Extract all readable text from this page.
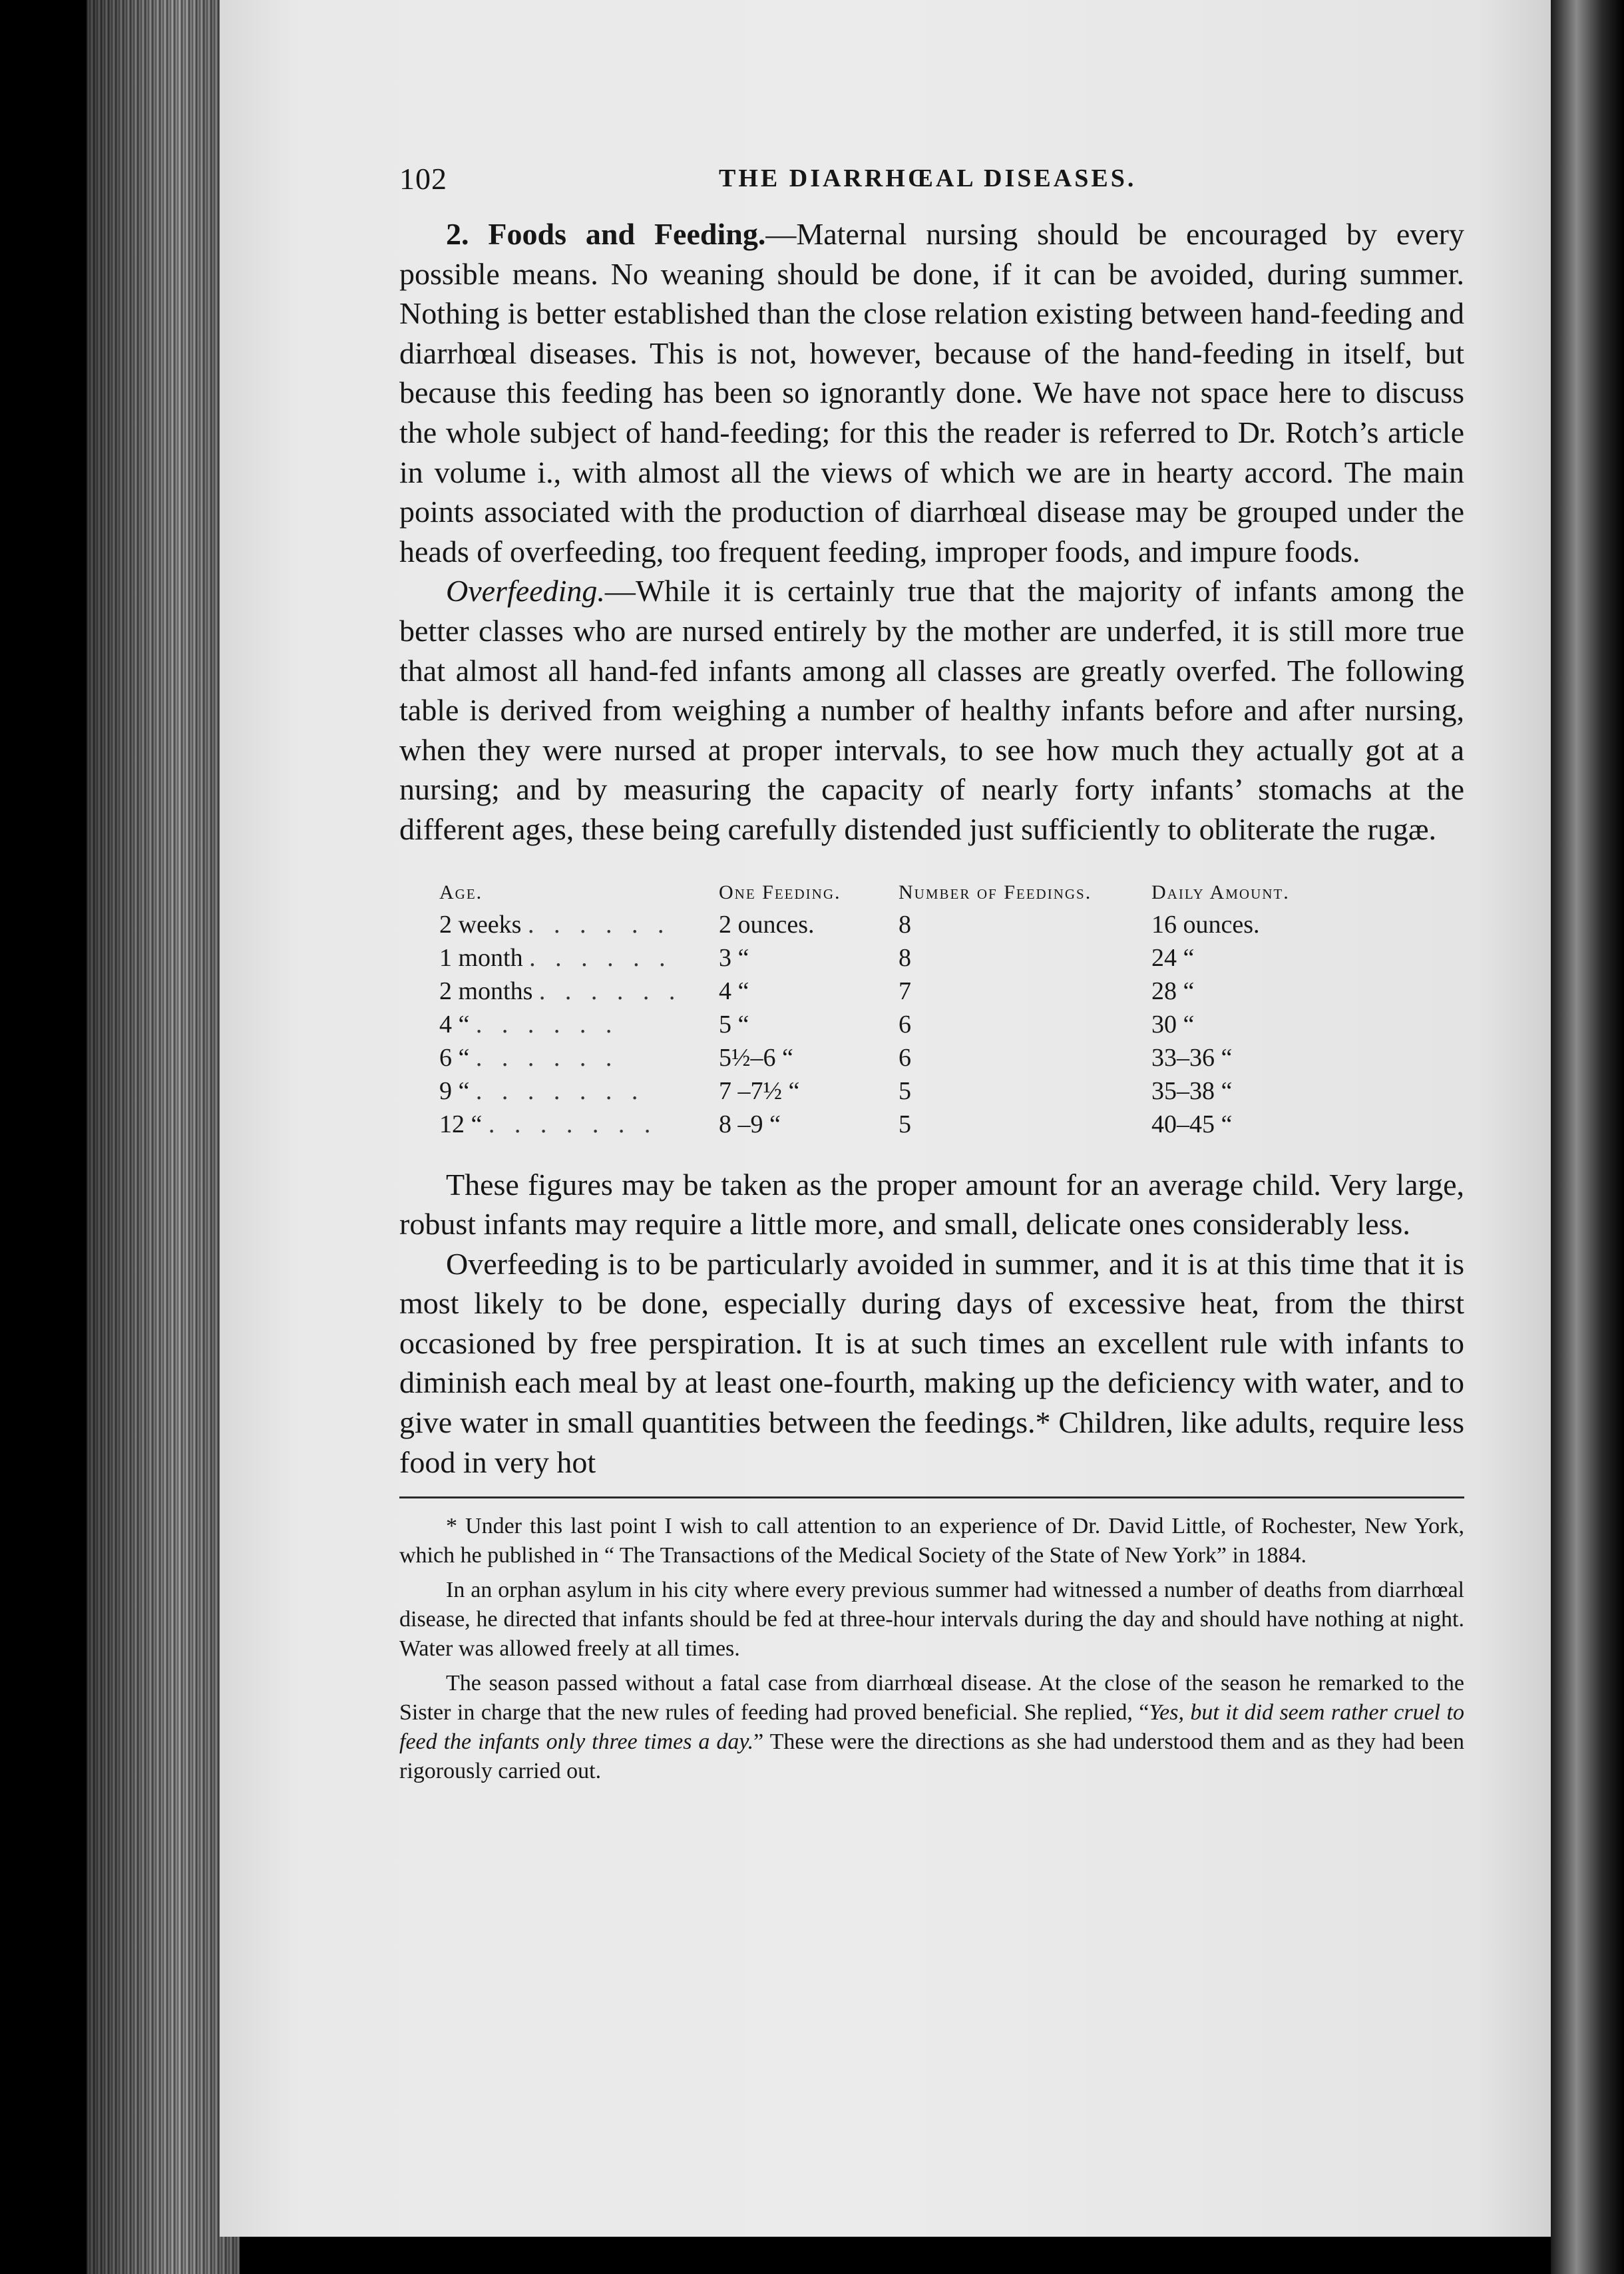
102	THE DIARRHŒAL DISEASES.

2. Foods and Feeding.—Maternal nursing should be encouraged by every possible means. No weaning should be done, if it can be avoided, during summer. Nothing is better established than the close relation existing between hand-feeding and diarrhœal diseases. This is not, however, because of the hand-feeding in itself, but because this feeding has been so ignorantly done. We have not space here to discuss the whole subject of hand-feeding; for this the reader is referred to Dr. Rotch’s article in volume i., with almost all the views of which we are in hearty accord. The main points associated with the production of diarrhœal disease may be grouped under the heads of overfeeding, too frequent feeding, improper foods, and impure foods.

Overfeeding.—While it is certainly true that the majority of infants among the better classes who are nursed entirely by the mother are underfed, it is still more true that almost all hand-fed infants among all classes are greatly overfed. The following table is derived from weighing a number of healthy infants before and after nursing, when they were nursed at proper intervals, to see how much they actually got at a nursing; and by measuring the capacity of nearly forty infants’ stomachs at the different ages, these being carefully distended just sufficiently to obliterate the rugæ.

Age.	One Feeding.	Number of Feedings.	Daily Amount.
2 weeks . . . . . .	2 ounces.	8	16 ounces.
1 month . . . . . .	3 “	8	24 “
2 months . . . . . .	4 “	7	28 “
4 “ . . . . . .	5 “	6	30 “
6 “ . . . . . .	5½–6 “	6	33–36 “
9 “ . . . . . . .	7 –7½ “	5	35–38 “
12 “ . . . . . . .	8 –9 “	5	40–45 “

These figures may be taken as the proper amount for an average child. Very large, robust infants may require a little more, and small, delicate ones considerably less.

Overfeeding is to be particularly avoided in summer, and it is at this time that it is most likely to be done, especially during days of excessive heat, from the thirst occasioned by free perspiration. It is at such times an excellent rule with infants to diminish each meal by at least one-fourth, making up the deficiency with water, and to give water in small quantities between the feedings.* Children, like adults, require less food in very hot

* Under this last point I wish to call attention to an experience of Dr. David Little, of Rochester, New York, which he published in “ The Transactions of the Medical Society of the State of New York” in 1884.

In an orphan asylum in his city where every previous summer had witnessed a number of deaths from diarrhœal disease, he directed that infants should be fed at three-hour intervals during the day and should have nothing at night. Water was allowed freely at all times.

The season passed without a fatal case from diarrhœal disease. At the close of the season he remarked to the Sister in charge that the new rules of feeding had proved beneficial. She replied, “Yes, but it did seem rather cruel to feed the infants only three times a day.” These were the directions as she had understood them and as they had been rigorously carried out.
